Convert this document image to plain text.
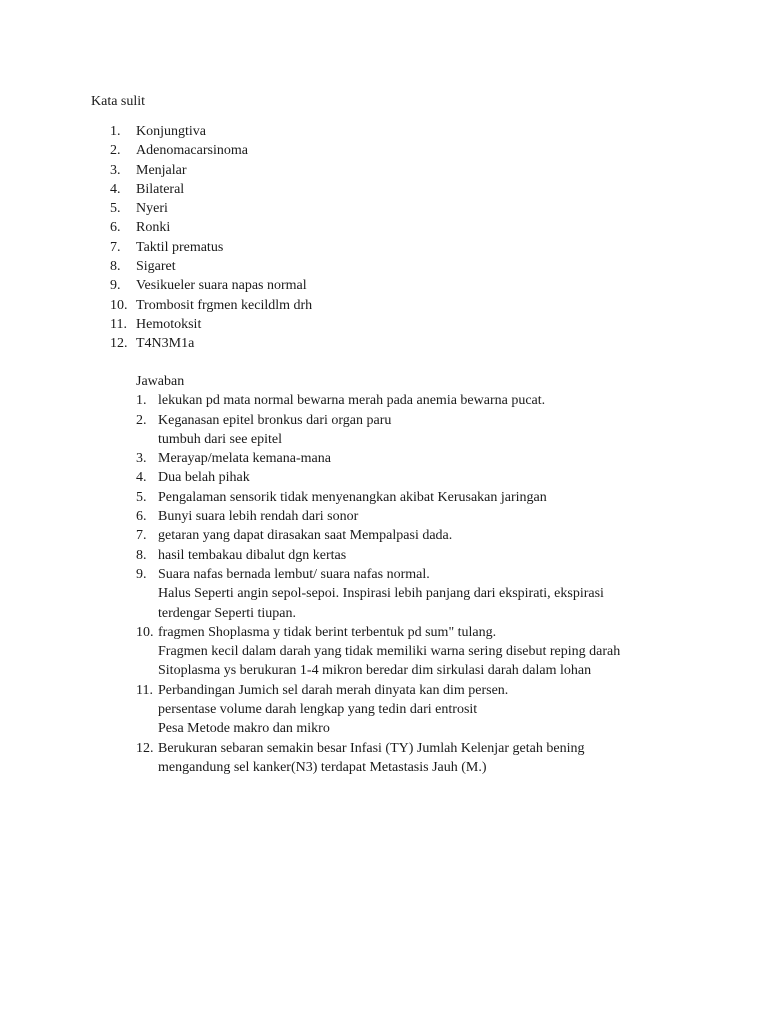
Kata sulit
1.	Konjungtiva
2.	Adenomacarsinoma
3.	Menjalar
4.	Bilateral
5.	Nyeri
6.	Ronki
7.	Taktil prematus
8.	Sigaret
9.	Vesikueler suara napas normal
10. Trombosit frgmen kecildlm drh
11. Hemotoksit
12. T4N3M1a
Jawaban
1. lekukan pd mata normal bewarna merah pada anemia bewarna pucat.
2. Keganasan epitel bronkus dari organ paru
tumbuh dari see epitel
3. Merayap/melata kemana-mana
4. Dua belah pihak
5. Pengalaman sensorik tidak menyenangkan akibat Kerusakan jaringan
6. Bunyi suara lebih rendah dari sonor
7. getaran yang dapat dirasakan saat Mempalpasi dada.
8. hasil tembakau dibalut dgn kertas
9. Suara nafas bernada lembut/ suara nafas normal.
Halus Seperti angin sepol-sepoi. Inspirasi lebih panjang dari ekspirati, ekspirasi
terdengar Seperti tiupan.
10. fragmen Shoplasma y tidak berint terbentuk pd sum" tulang.
Fragmen kecil dalam darah yang tidak memiliki warna sering disebut reping darah
Sitoplasma ys berukuran 1-4 mikron beredar dim sirkulasi darah dalam lohan
11. Perbandingan Jumich sel darah merah dinyata kan dim persen.
persentase volume darah lengkap yang tedin dari entrosit
Pesa Metode makro dan mikro
12. Berukuran sebaran semakin besar Infasi (TY) Jumlah Kelenjar getah bening
mengandung sel kanker(N3) terdapat Metastasis Jauh (M.)
